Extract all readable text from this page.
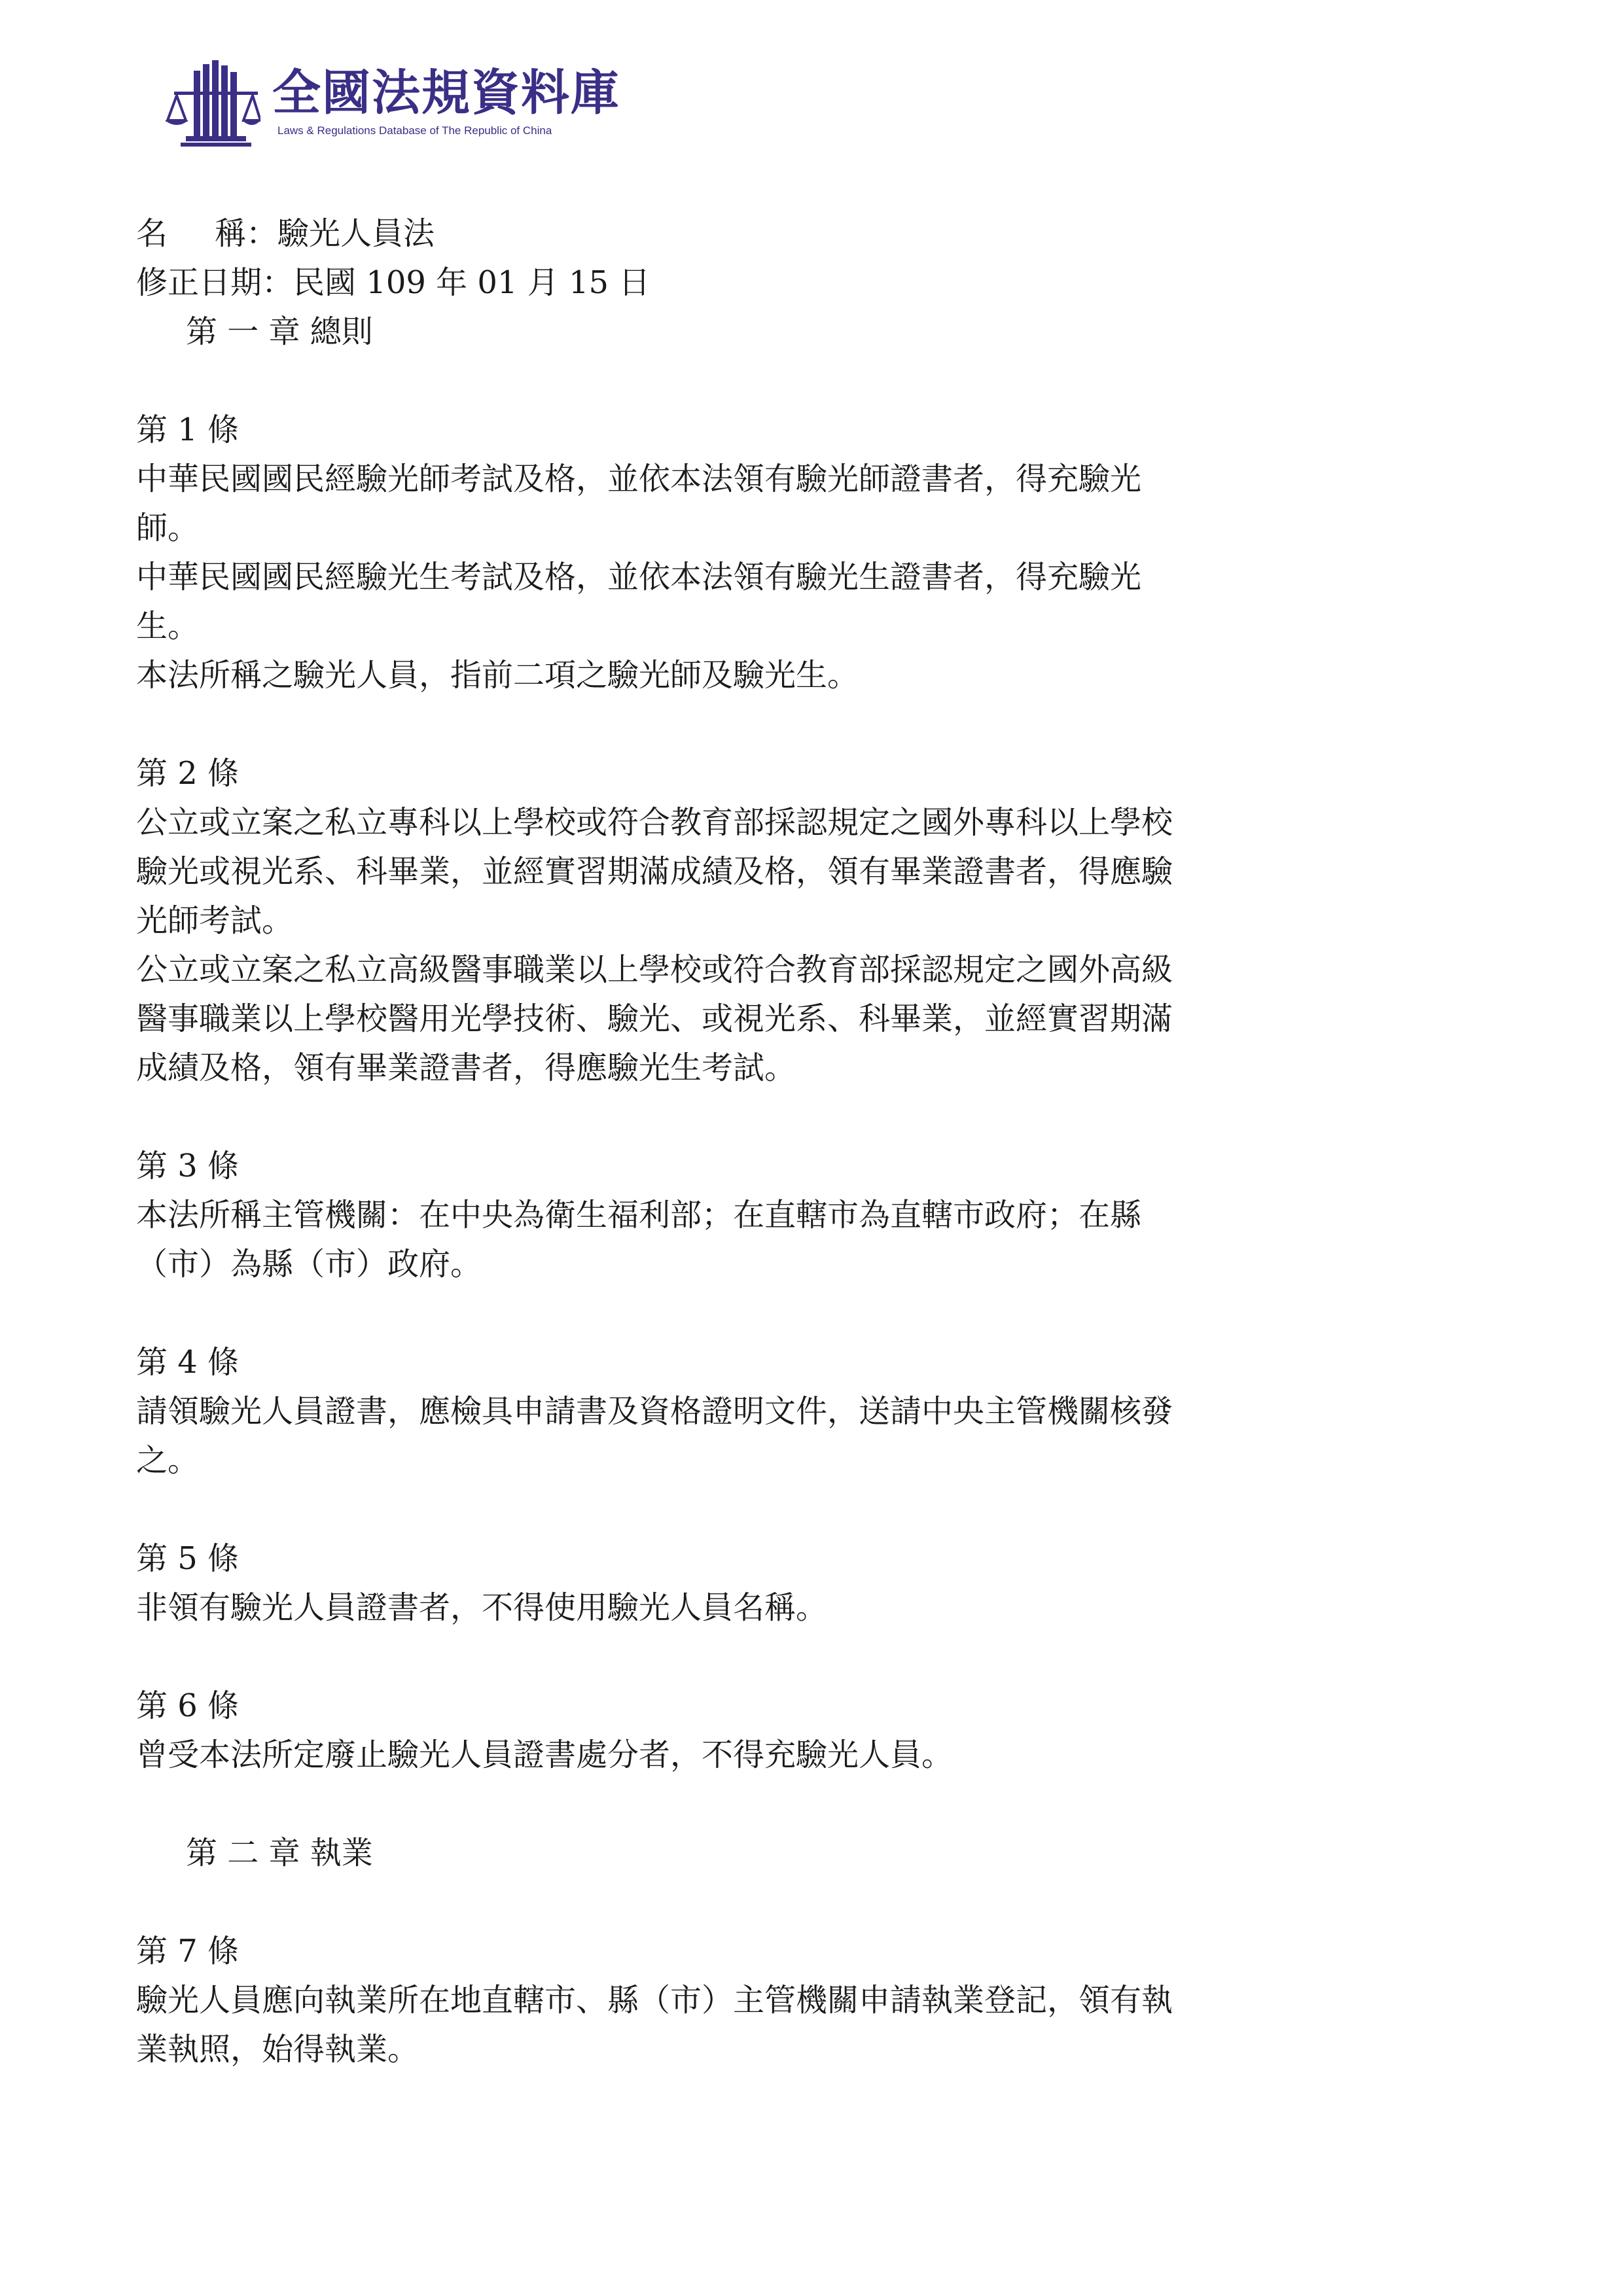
全國法規資料庫
Laws & Regulations Database of The Republic of China
名 稱：驗光人員法
修正日期：民國 109 年 01 月 15 日
第 一 章 總則
第 1 條
中華民國國民經驗光師考試及格，並依本法領有驗光師證書者，得充驗光師。
中華民國國民經驗光生考試及格，並依本法領有驗光生證書者，得充驗光生。
本法所稱之驗光人員，指前二項之驗光師及驗光生。
第 2 條
公立或立案之私立專科以上學校或符合教育部採認規定之國外專科以上學校驗光或視光系、科畢業，並經實習期滿成績及格，領有畢業證書者，得應驗光師考試。
公立或立案之私立高級醫事職業以上學校或符合教育部採認規定之國外高級醫事職業以上學校醫用光學技術、驗光、或視光系、科畢業，並經實習期滿成績及格，領有畢業證書者，得應驗光生考試。
第 3 條
本法所稱主管機關：在中央為衛生福利部；在直轄市為直轄市政府；在縣（市）為縣（市）政府。
第 4 條
請領驗光人員證書，應檢具申請書及資格證明文件，送請中央主管機關核發之。
第 5 條
非領有驗光人員證書者，不得使用驗光人員名稱。
第 6 條
曾受本法所定廢止驗光人員證書處分者，不得充驗光人員。
第 二 章 執業
第 7 條
驗光人員應向執業所在地直轄市、縣（市）主管機關申請執業登記，領有執業執照，始得執業。
